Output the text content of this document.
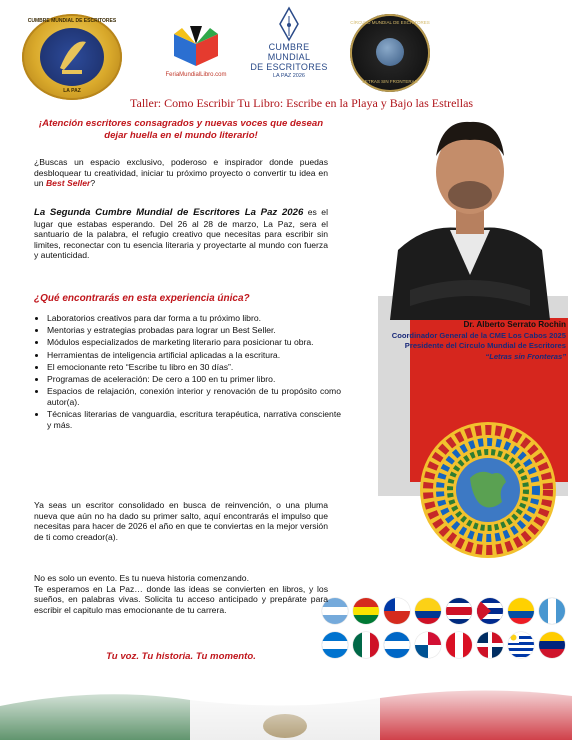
CUMBRE MUNDIAL DE ESCRITORES
LA PAZ
FeriaMundialLibro.com
CUMBRE
MUNDIAL
DE ESCRITORES
LA PAZ 2026
CÍRCULO MUNDIAL DE ESCRITORES
LETRAS SIN FRONTERAS
Taller: Como Escribir Tu Libro: Escribe en la Playa y Bajo las Estrellas
Dr. Alberto Serrato Rochin
Coordinador General de la CME Los Cabos 2025
Presidente del Circulo Mundial de Escritores
“Letras sin Fronteras”
¡Atención escritores consagrados y nuevas voces que desean dejar huella en el mundo literario!
¿Buscas un espacio exclusivo, poderoso e inspirador donde puedas desbloquear tu creatividad, iniciar tu próximo proyecto o convertir tu idea en un Best Seller?
La Segunda Cumbre Mundial de Escritores La Paz 2026 es el lugar que estabas esperando. Del 26 al 28 de marzo, La Paz, sera el santuario de la palabra, el refugio creativo que necesitas para escribir sin limites, reconectar con tu esencia literaria y proyectarte al mundo con fuerza y autenticidad.
¿Qué encontrarás en esta experiencia única?
• Laboratorios creativos para dar forma a tu próximo libro.
• Mentorias y estrategias probadas para lograr un Best Seller.
• Módulos especializados de marketing literario para posicionar tu obra.
• Herramientas de inteligencia artificial aplicadas a la escritura.
• El emocionante reto “Escribe tu libro en 30 días”.
• Programas de aceleración: De cero a 100 en tu primer libro.
• Espacios de relajación, conexión interior y renovación de tu propósito como autor(a).
• Técnicas literarias de vanguardia, escritura terapéutica, narrativa consciente y más.
Ya seas un escritor consolidado en busca de reinvención, o una pluma nueva que aún no ha dado su primer salto, aquí encontrarás el impulso que necesitas para hacer de 2026 el año en que te conviertas en la mejor versión de ti como creador(a).
No es solo un evento. Es tu nueva historia comenzando.
Te esperamos en La Paz… donde las ideas se convierten en libros, y los sueños, en palabras vivas. Solicita tu acceso anticipado y prepárate para escribir el capitulo mas emocionante de tu carrera.
Tu voz. Tu historia. Tu momento.
